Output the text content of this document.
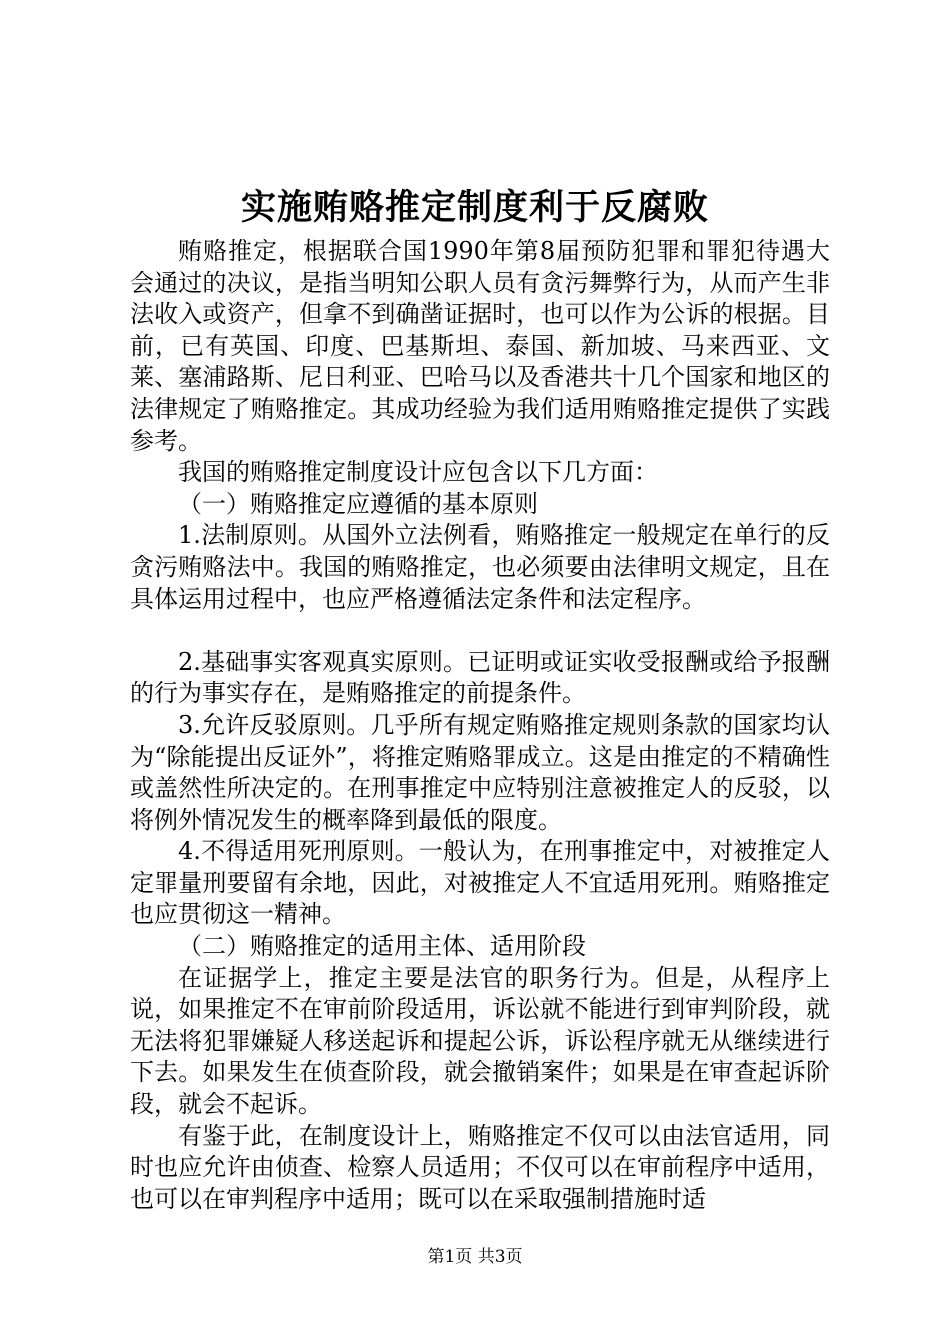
实施贿赂推定制度利于反腐败

贿赂推定，根据联合国1990年第8届预防犯罪和罪犯待遇大会通过的决议，是指当明知公职人员有贪污舞弊行为，从而产生非法收入或资产，但拿不到确凿证据时，也可以作为公诉的根据。目前，已有英国、印度、巴基斯坦、泰国、新加坡、马来西亚、文莱、塞浦路斯、尼日利亚、巴哈马以及香港共十几个国家和地区的法律规定了贿赂推定。其成功经验为我们适用贿赂推定提供了实践参考。

我国的贿赂推定制度设计应包含以下几方面：

（一）贿赂推定应遵循的基本原则

1.法制原则。从国外立法例看，贿赂推定一般规定在单行的反贪污贿赂法中。我国的贿赂推定，也必须要由法律明文规定，且在具体运用过程中，也应严格遵循法定条件和法定程序。

2.基础事实客观真实原则。已证明或证实收受报酬或给予报酬的行为事实存在，是贿赂推定的前提条件。

3.允许反驳原则。几乎所有规定贿赂推定规则条款的国家均认为“除能提出反证外”，将推定贿赂罪成立。这是由推定的不精确性或盖然性所决定的。在刑事推定中应特别注意被推定人的反驳，以将例外情况发生的概率降到最低的限度。

4.不得适用死刑原则。一般认为，在刑事推定中，对被推定人定罪量刑要留有余地，因此，对被推定人不宜适用死刑。贿赂推定也应贯彻这一精神。

（二）贿赂推定的适用主体、适用阶段

在证据学上，推定主要是法官的职务行为。但是，从程序上说，如果推定不在审前阶段适用，诉讼就不能进行到审判阶段，就无法将犯罪嫌疑人移送起诉和提起公诉，诉讼程序就无从继续进行下去。如果发生在侦查阶段，就会撤销案件；如果是在审查起诉阶段，就会不起诉。

有鉴于此，在制度设计上，贿赂推定不仅可以由法官适用，同时也应允许由侦查、检察人员适用；不仅可以在审前程序中适用，也可以在审判程序中适用；既可以在采取强制措施时适

第1页 共3页
